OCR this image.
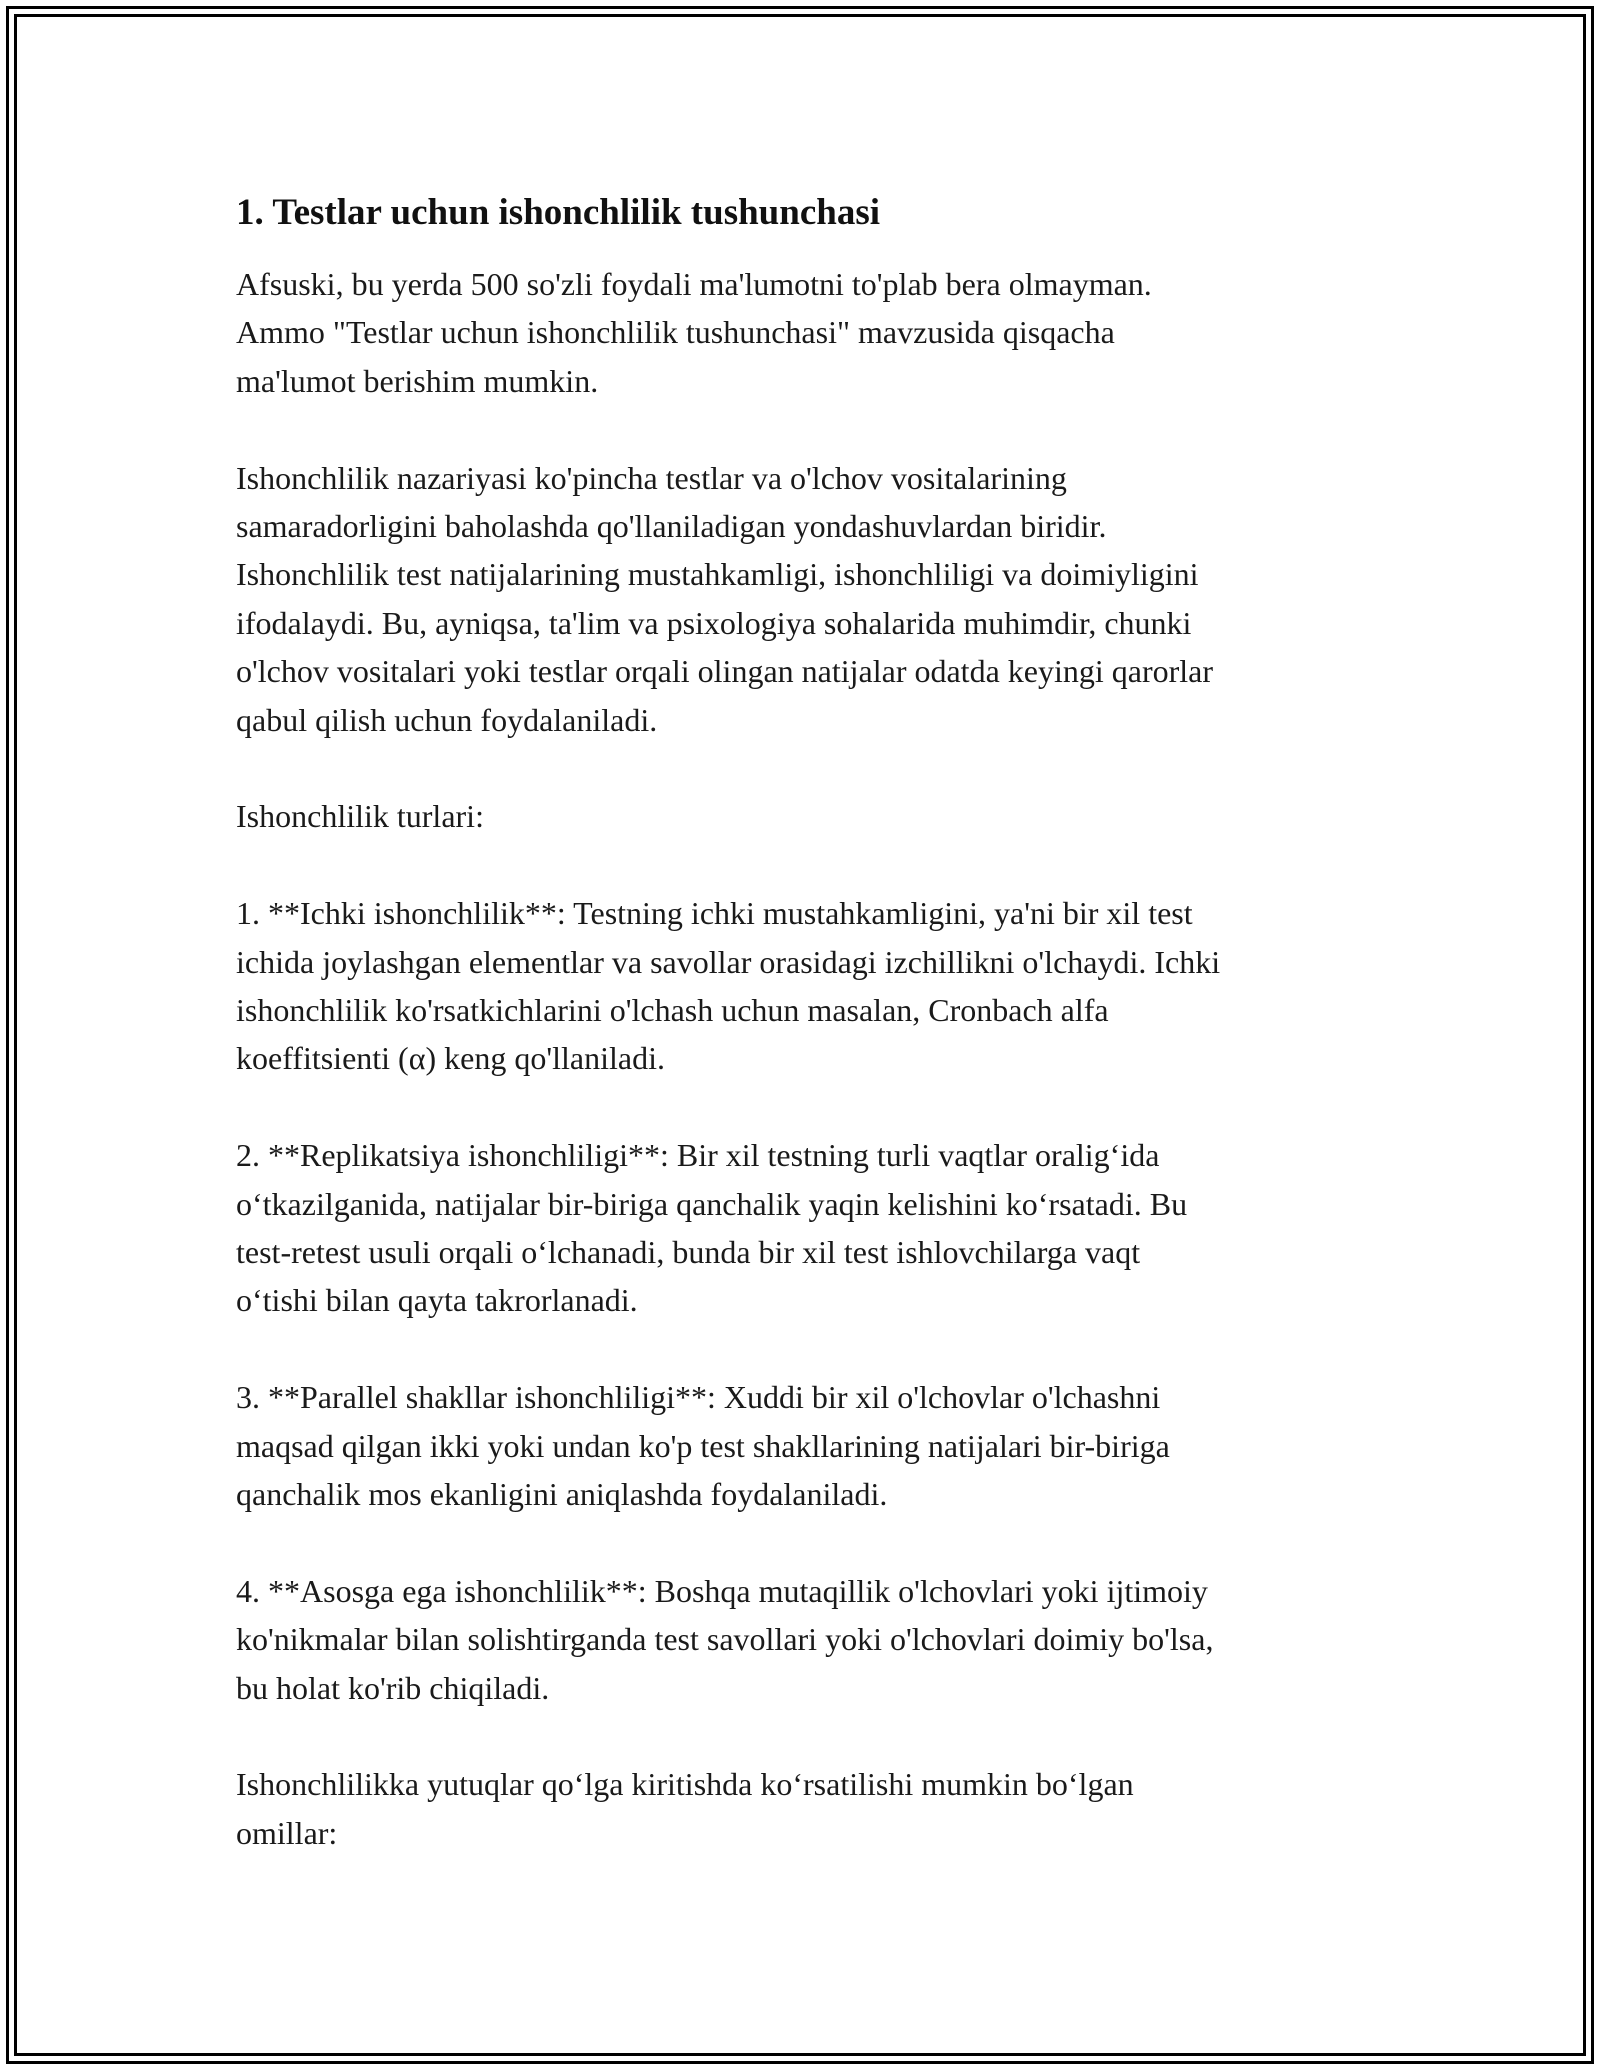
1. Testlar uchun ishonchlilik tushunchasi

Afsuski, bu yerda 500 so'zli foydali ma'lumotni to'plab bera olmayman.
Ammo "Testlar uchun ishonchlilik tushunchasi" mavzusida qisqacha
ma'lumot berishim mumkin.

Ishonchlilik nazariyasi ko'pincha testlar va o'lchov vositalarining
samaradorligini baholashda qo'llaniladigan yondashuvlardan biridir.
Ishonchlilik test natijalarining mustahkamligi, ishonchliligi va doimiyligini
ifodalaydi. Bu, ayniqsa, ta'lim va psixologiya sohalarida muhimdir, chunki
o'lchov vositalari yoki testlar orqali olingan natijalar odatda keyingi qarorlar
qabul qilish uchun foydalaniladi.

Ishonchlilik turlari:

1. **Ichki ishonchlilik**: Testning ichki mustahkamligini, ya'ni bir xil test
ichida joylashgan elementlar va savollar orasidagi izchillikni o'lchaydi. Ichki
ishonchlilik ko'rsatkichlarini o'lchash uchun masalan, Cronbach alfa
koeffitsienti (α) keng qo'llaniladi.

2. **Replikatsiya ishonchliligi**: Bir xil testning turli vaqtlar oralig‘ida
o‘tkazilganida, natijalar bir-biriga qanchalik yaqin kelishini ko‘rsatadi. Bu
test-retest usuli orqali o‘lchanadi, bunda bir xil test ishlovchilarga vaqt
o‘tishi bilan qayta takrorlanadi.

3. **Parallel shakllar ishonchliligi**: Xuddi bir xil o'lchovlar o'lchashni
maqsad qilgan ikki yoki undan ko'p test shakllarining natijalari bir-biriga
qanchalik mos ekanligini aniqlashda foydalaniladi.

4. **Asosga ega ishonchlilik**: Boshqa mutaqillik o'lchovlari yoki ijtimoiy
ko'nikmalar bilan solishtirganda test savollari yoki o'lchovlari doimiy bo'lsa,
bu holat ko'rib chiqiladi.

Ishonchlilikka yutuqlar qo‘lga kiritishda ko‘rsatilishi mumkin bo‘lgan
omillar:
